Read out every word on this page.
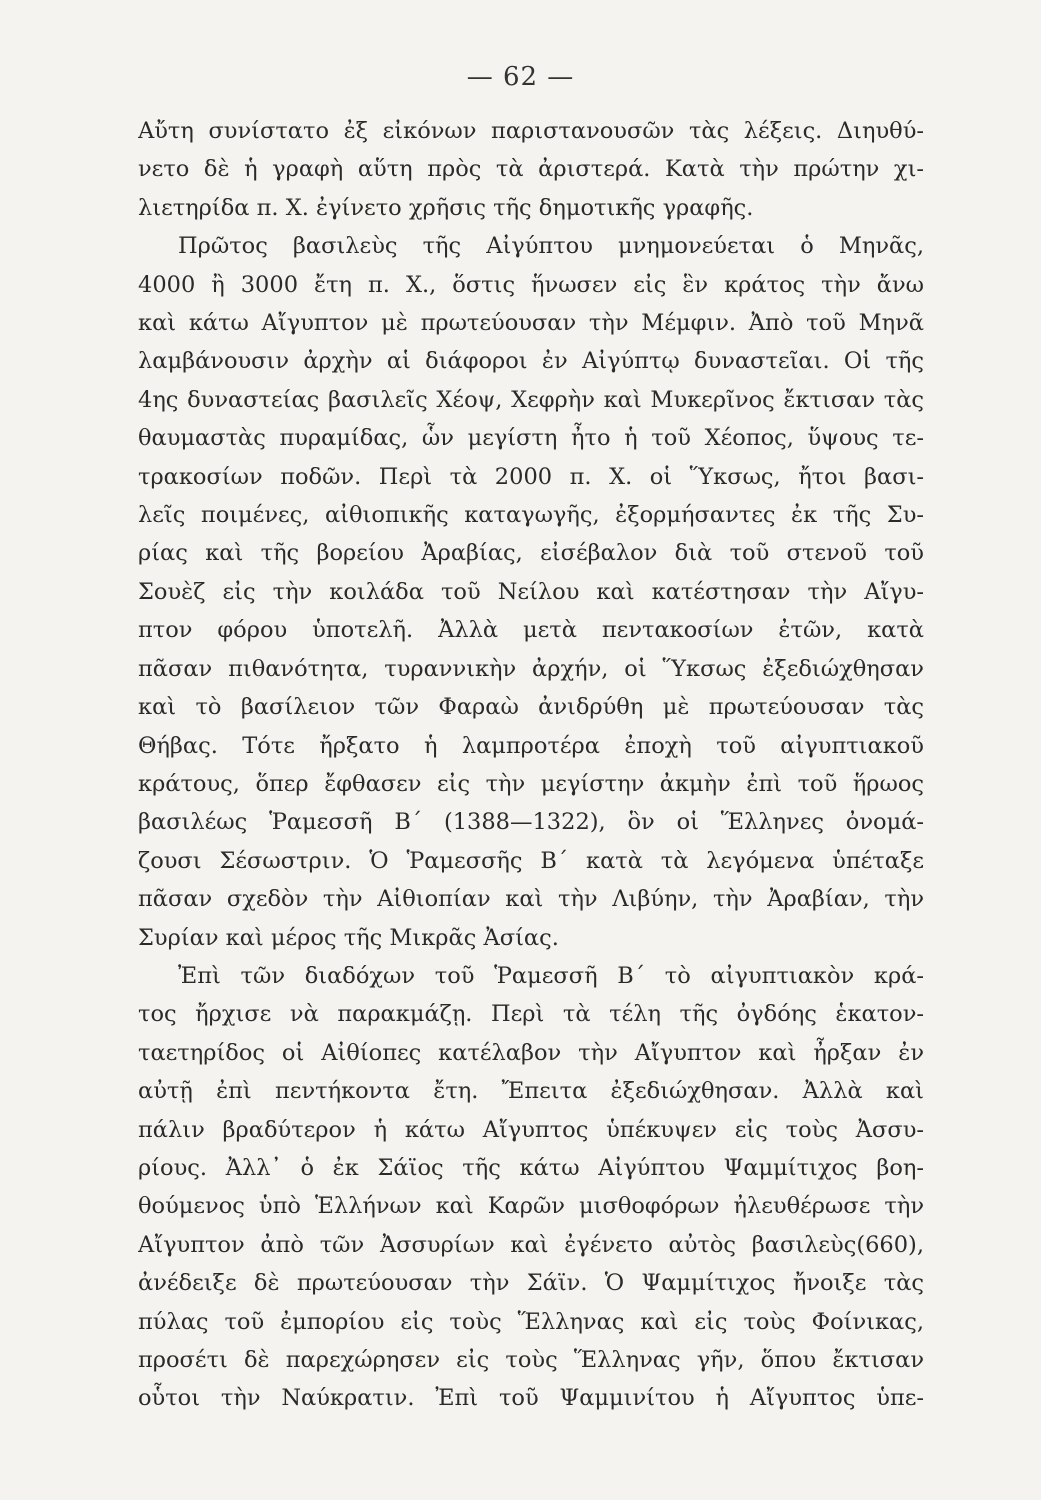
— 62 —

Αὔτη συνίστατο ἐξ εἰκόνων παριστανουσῶν τὰς λέξεις. Διηυθύ-
νετο δὲ ἡ γραφὴ αὕτη πρὸς τὰ ἀριστερά. Κατὰ τὴν πρώτην χι-
λιετηρίδα π. Χ. ἐγίνετο χρῆσις τῆς δημοτικῆς γραφῆς.

Πρῶτος βασιλεὺς τῆς Αἰγύπτου μνημονεύεται ὁ Μηνᾶς,
4000 ἢ 3000 ἔτη π. Χ., ὅστις ἥνωσεν εἰς ἓν κράτος τὴν ἄνω
καὶ κάτω Αἴγυπτον μὲ πρωτεύουσαν τὴν Μέμφιν. Ἀπὸ τοῦ Μηνᾶ
λαμβάνουσιν ἀρχὴν αἱ διάφοροι ἐν Αἰγύπτῳ δυναστεῖαι. Οἱ τῆς
4ης δυναστείας βασιλεῖς Χέοψ, Χεφρὴν καὶ Μυκερῖνος ἔκτισαν τὰς
θαυμαστὰς πυραμίδας, ὧν μεγίστη ἦτο ἡ τοῦ Χέοπος, ὕψους τε-
τρακοσίων ποδῶν. Περὶ τὰ 2000 π. Χ. οἱ Ὕκσως, ἤτοι βασι-
λεῖς ποιμένες, αἰθιοπικῆς καταγωγῆς, ἐξορμήσαντες ἐκ τῆς Συ-
ρίας καὶ τῆς βορείου Ἀραβίας, εἰσέβαλον διὰ τοῦ στενοῦ τοῦ
Σουὲζ εἰς τὴν κοιλάδα τοῦ Νείλου καὶ κατέστησαν τὴν Αἴγυ-
πτον φόρου ὑποτελῆ. Ἀλλὰ μετὰ πεντακοσίων ἐτῶν, κατὰ
πᾶσαν πιθανότητα, τυραννικὴν ἀρχήν, οἱ Ὕκσως ἐξεδιώχθησαν
καὶ τὸ βασίλειον τῶν Φαραὼ ἀνιδρύθη μὲ πρωτεύουσαν τὰς
Θήβας. Τότε ἤρξατο ἡ λαμπροτέρα ἐποχὴ τοῦ αἰγυπτιακοῦ
κράτους, ὅπερ ἔφθασεν εἰς τὴν μεγίστην ἀκμὴν ἐπὶ τοῦ ἥρωος
βασιλέως Ῥαμεσσῆ Β΄ (1388—1322), ὃν οἱ Ἕλληνες ὀνομά-
ζουσι Σέσωστριν. Ὁ Ῥαμεσσῆς Β΄ κατὰ τὰ λεγόμενα ὑπέταξε
πᾶσαν σχεδὸν τὴν Αἰθιοπίαν καὶ τὴν Λιβύην, τὴν Ἀραβίαν, τὴν
Συρίαν καὶ μέρος τῆς Μικρᾶς Ἀσίας.

Ἐπὶ τῶν διαδόχων τοῦ Ῥαμεσσῆ Β΄ τὸ αἰγυπτιακὸν κρά-
τος ἤρχισε νὰ παρακμάζῃ. Περὶ τὰ τέλη τῆς ὀγδόης ἑκατον-
ταετηρίδος οἱ Αἰθίοπες κατέλαβον τὴν Αἴγυπτον καὶ ἦρξαν ἐν
αὐτῇ ἐπὶ πεντήκοντα ἔτη. Ἔπειτα ἐξεδιώχθησαν. Ἀλλὰ καὶ
πάλιν βραδύτερον ἡ κάτω Αἴγυπτος ὑπέκυψεν εἰς τοὺς Ἀσσυ-
ρίους. Ἀλλ᾽ ὁ ἐκ Σάϊος τῆς κάτω Αἰγύπτου Ψαμμίτιχος βοη-
θούμενος ὑπὸ Ἑλλήνων καὶ Καρῶν μισθοφόρων ἠλευθέρωσε τὴν
Αἴγυπτον ἀπὸ τῶν Ἀσσυρίων καὶ ἐγένετο αὐτὸς βασιλεὺς(660),
ἀνέδειξε δὲ πρωτεύουσαν τὴν Σάϊν. Ὁ Ψαμμίτιχος ἤνοιξε τὰς
πύλας τοῦ ἐμπορίου εἰς τοὺς Ἕλληνας καὶ εἰς τοὺς Φοίνικας,
προσέτι δὲ παρεχώρησεν εἰς τοὺς Ἕλληνας γῆν, ὅπου ἔκτισαν
οὗτοι τὴν Ναύκρατιν. Ἐπὶ τοῦ Ψαμμινίτου ἡ Αἴγυπτος ὑπε-
